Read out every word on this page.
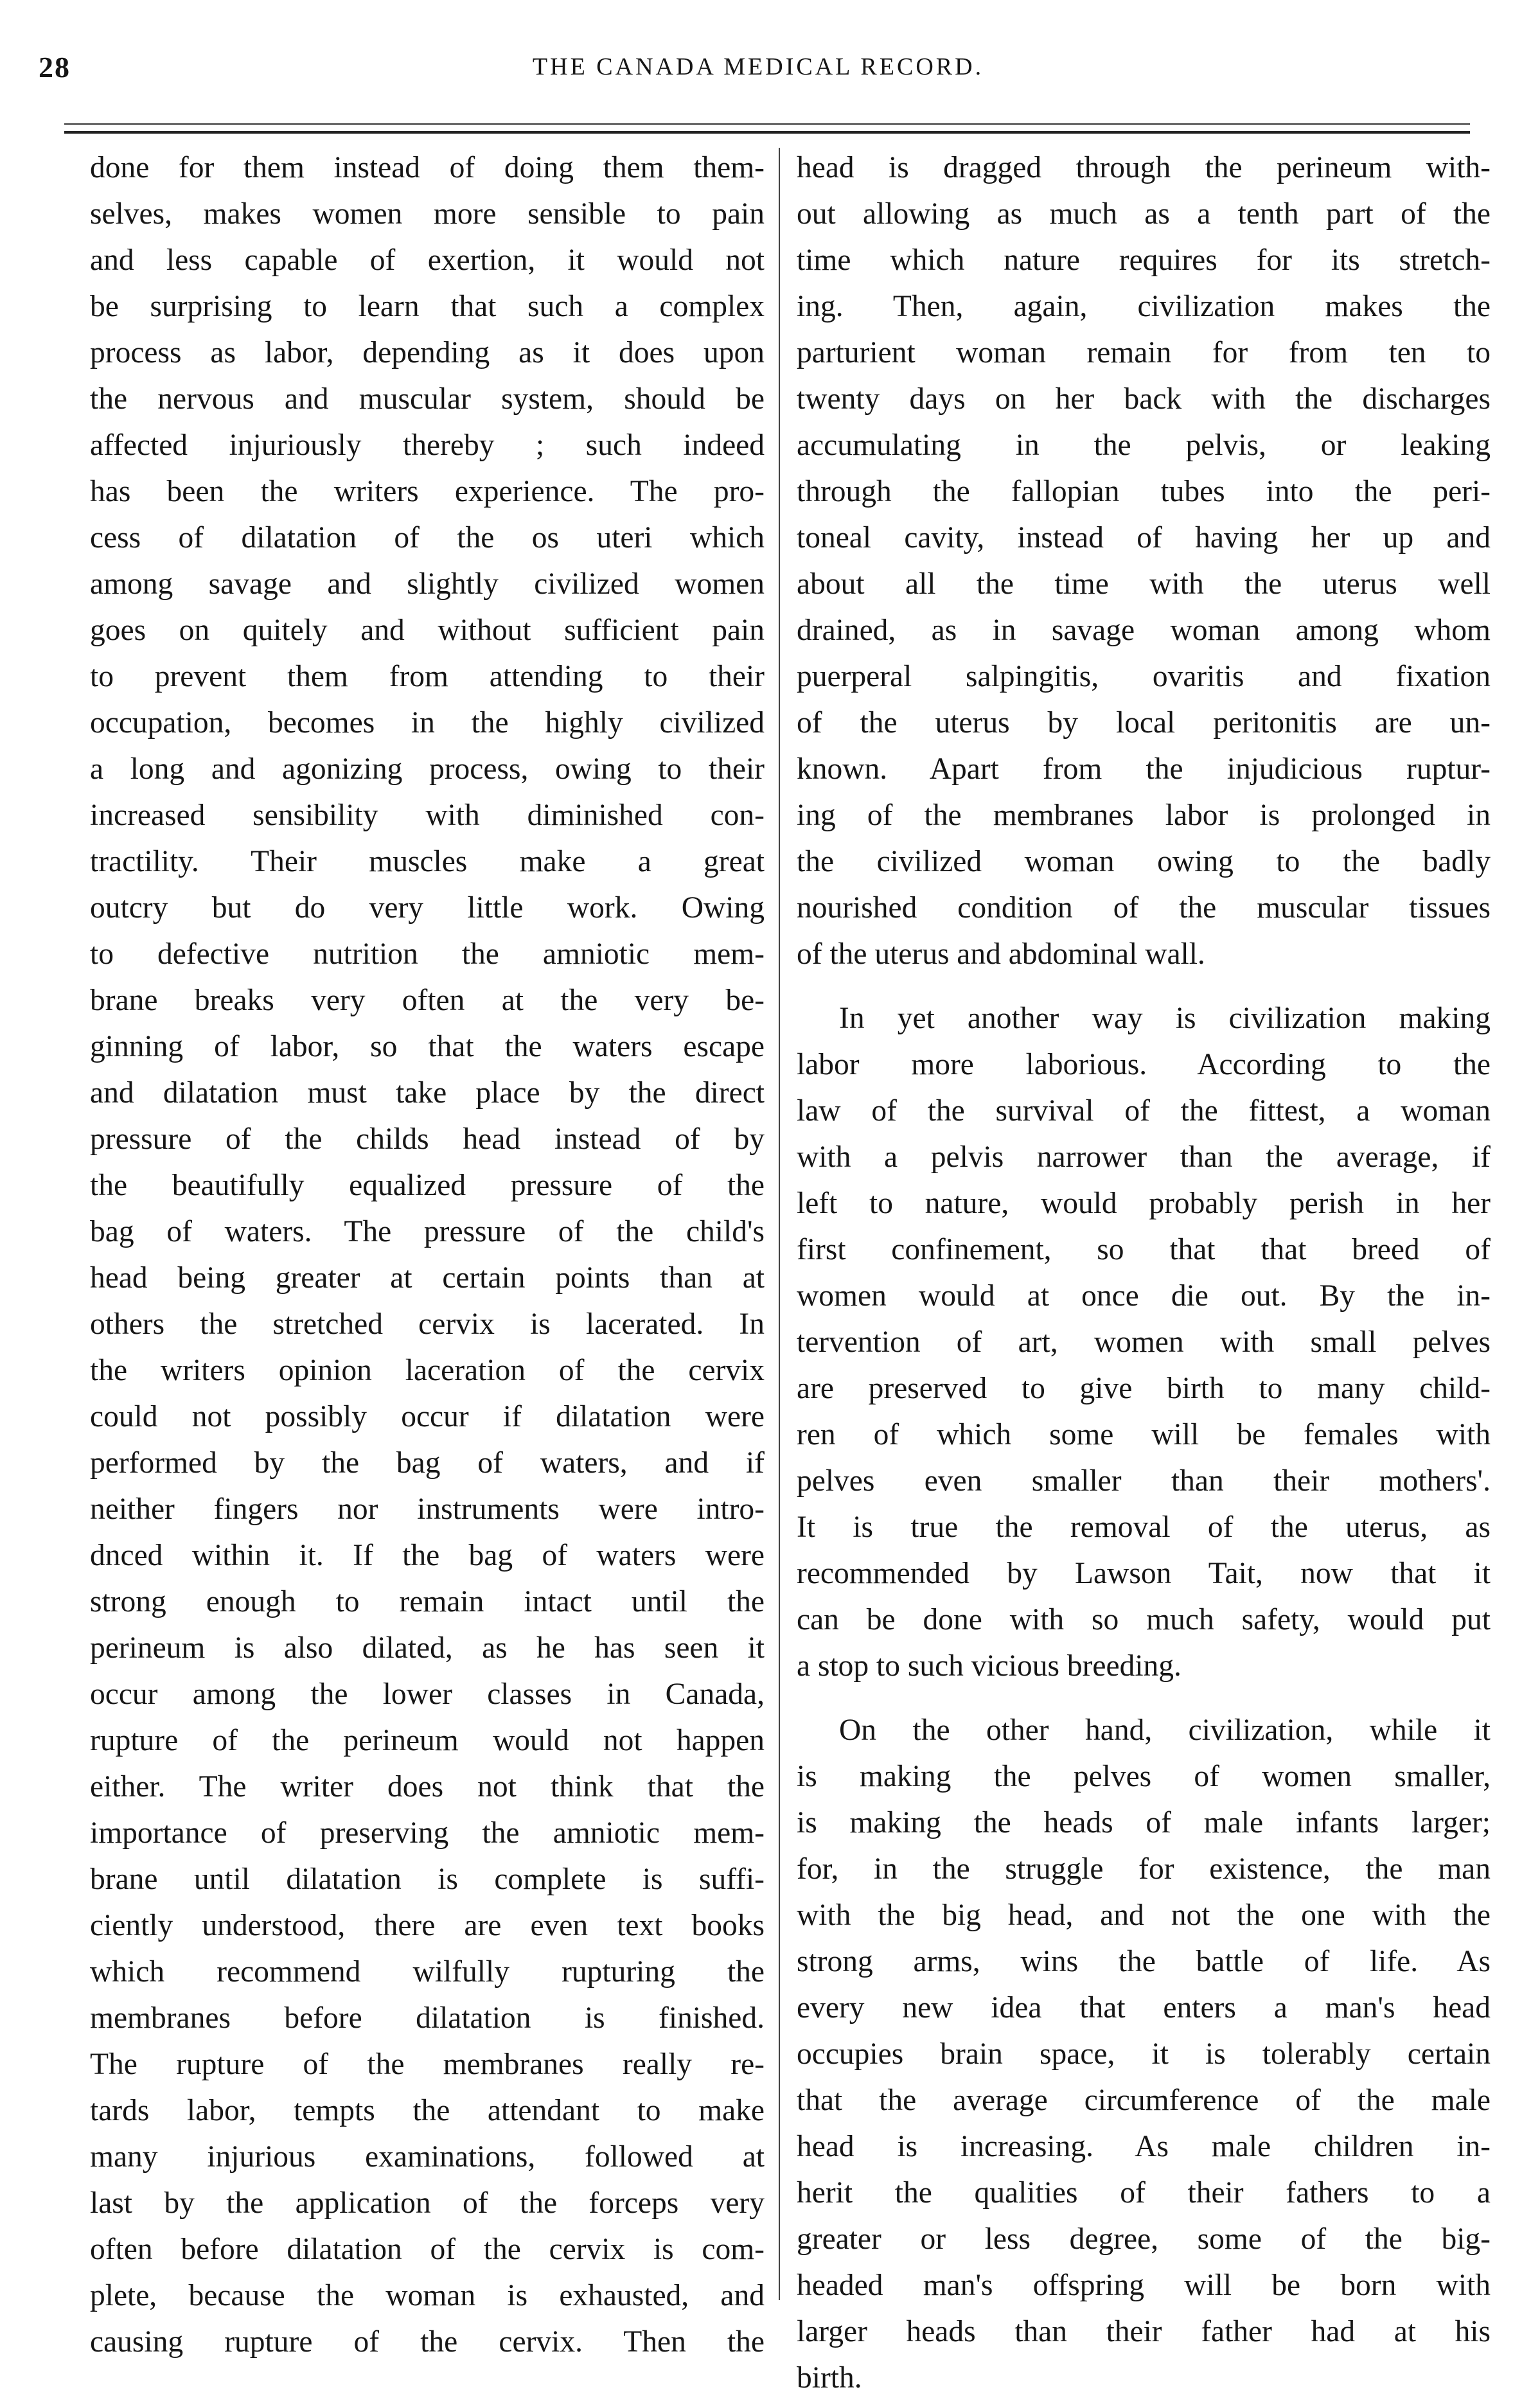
28	THE CANADA MEDICAL RECORD.
done for them instead of doing them them-
selves, makes women more sensible to pain
and less capable of exertion, it would not
be surprising to learn that such a complex
process as labor, depending as it does upon
the nervous and muscular system, should be
affected injuriously thereby ; such indeed
has been the writers experience. The pro-
cess of dilatation of the os uteri which
among savage and slightly civilized women
goes on quitely and without sufficient pain
to prevent them from attending to their
occupation, becomes in the highly civilized
a long and agonizing process, owing to their
increased sensibility with diminished con-
tractility. Their muscles make a great
outcry but do very little work. Owing
to defective nutrition the amniotic mem-
brane breaks very often at the very be-
ginning of labor, so that the waters escape
and dilatation must take place by the direct
pressure of the childs head instead of by
the beautifully equalized pressure of the
bag of waters. The pressure of the child's
head being greater at certain points than at
others the stretched cervix is lacerated. In
the writers opinion laceration of the cervix
could not possibly occur if dilatation were
performed by the bag of waters, and if
neither fingers nor instruments were intro-
dnced within it. If the bag of waters were
strong enough to remain intact until the
perineum is also dilated, as he has seen it
occur among the lower classes in Canada,
rupture of the perineum would not happen
either. The writer does not think that the
importance of preserving the amniotic mem-
brane until dilatation is complete is suffi-
ciently understood, there are even text books
which recommend wilfully rupturing the
membranes before dilatation is finished.
The rupture of the membranes really re-
tards labor, tempts the attendant to make
many injurious examinations, followed at
last by the application of the forceps very
often before dilatation of the cervix is com-
plete, because the woman is exhausted, and
causing rupture of the cervix. Then the
head is dragged through the perineum with-
out allowing as much as a tenth part of the
time which nature requires for its stretch-
ing. Then, again, civilization makes the
parturient woman remain for from ten to
twenty days on her back with the discharges
accumulating in the pelvis, or leaking
through the fallopian tubes into the peri-
toneal cavity, instead of having her up and
about all the time with the uterus well
drained, as in savage woman among whom
puerperal salpingitis, ovaritis and fixation
of the uterus by local peritonitis are un-
known. Apart from the injudicious ruptur-
ing of the membranes labor is prolonged in
the civilized woman owing to the badly
nourished condition of the muscular tissues
of the uterus and abdominal wall.
In yet another way is civilization making
labor more laborious. According to the
law of the survival of the fittest, a woman
with a pelvis narrower than the average, if
left to nature, would probably perish in her
first confinement, so that that breed of
women would at once die out. By the in-
tervention of art, women with small pelves
are preserved to give birth to many child-
ren of which some will be females with
pelves even smaller than their mothers'.
It is true the removal of the uterus, as
recommended by Lawson Tait, now that it
can be done with so much safety, would put
a stop to such vicious breeding.
On the other hand, civilization, while it
is making the pelves of women smaller,
is making the heads of male infants larger;
for, in the struggle for existence, the man
with the big head, and not the one with the
strong arms, wins the battle of life. As
every new idea that enters a man's head
occupies brain space, it is tolerably certain
that the average circumference of the male
head is increasing. As male children in-
herit the qualities of their fathers to a
greater or less degree, some of the big-
headed man's offspring will be born with
larger heads than their father had at his
birth.
